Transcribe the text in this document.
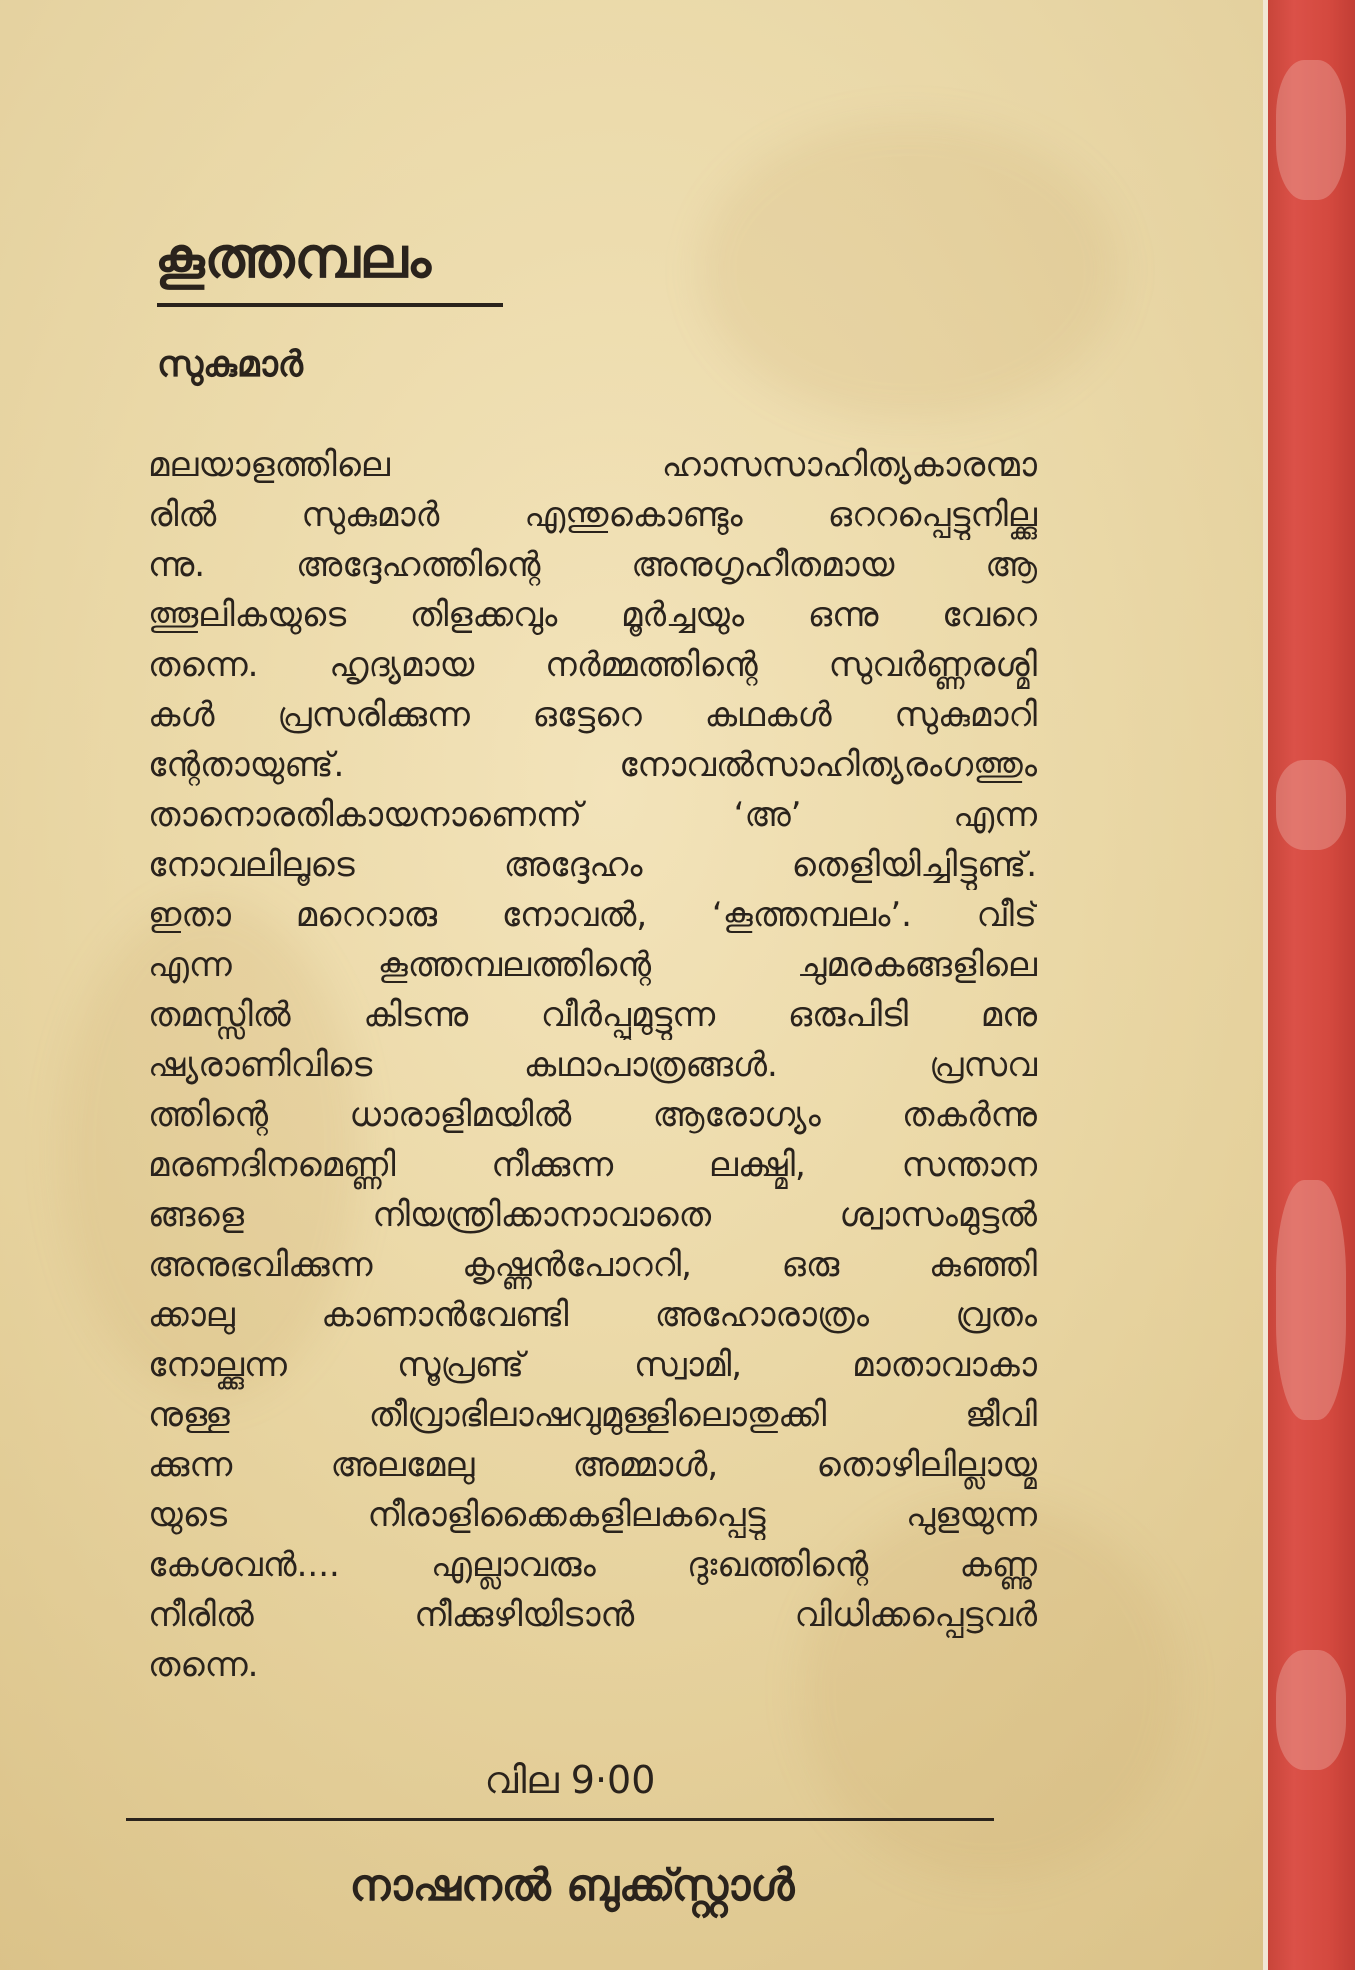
കൂത്തമ്പലം
സുകുമാർ
മലയാളത്തിലെ ഹാസസാഹിത്യകാരന്മാ
രിൽ സുകുമാർ എന്തുകൊണ്ടും ഒററപ്പെട്ടുനില്ക്കു
ന്നു. അദ്ദേഹത്തിന്റെ അനുഗൃഹീതമായ ആ
ത്തൂലികയുടെ തിളക്കവും മൂർച്ചയും ഒന്നു വേറെ
തന്നെ. ഹൃദ്യമായ നർമ്മത്തിന്റെ സുവർണ്ണരശ്മി
കൾ പ്രസരിക്കുന്ന ഒട്ടേറെ കഥകൾ സുകുമാറി
ന്റേതായുണ്ട്. നോവൽസാഹിത്യരംഗത്തും
താനൊരതികായനാണെന്ന് ‘അ’ എന്ന
നോവലിലൂടെ അദ്ദേഹം തെളിയിച്ചിട്ടുണ്ട്.
ഇതാ മറെറാരു നോവൽ, ‘കൂത്തമ്പലം’. വീട്
എന്ന കൂത്തമ്പലത്തിന്റെ ചുമരകങ്ങളിലെ
തമസ്സിൽ കിടന്നു വീർപ്പുമുട്ടുന്ന ഒരുപിടി മനു
ഷ്യരാണിവിടെ കഥാപാത്രങ്ങൾ. പ്രസവ
ത്തിന്റെ ധാരാളിമയിൽ ആരോഗ്യം തകർന്നു
മരണദിനമെണ്ണി നീക്കുന്ന ലക്ഷ്മി, സന്താന
ങ്ങളെ നിയന്ത്രിക്കാനാവാതെ ശ്വാസംമുട്ടൽ
അനുഭവിക്കുന്ന കൃഷ്ണൻപോററി, ഒരു കുഞ്ഞി
ക്കാലു കാണാൻവേണ്ടി അഹോരാത്രം വ്രതം
നോല്ക്കുന്ന സൂപ്രണ്ട് സ്വാമി, മാതാവാകാ
നുള്ള തീവ്രാഭിലാഷവുമുള്ളിലൊതുക്കി ജീവി
ക്കുന്ന അലമേലു അമ്മാൾ, തൊഴിലില്ലായ്മ
യുടെ നീരാളിക്കൈകളിലകപ്പെട്ടു പുളയുന്ന
കേശവൻ.... എല്ലാവരും ദുഃഖത്തിന്റെ കണ്ണു
നീരിൽ നീക്കുഴിയിടാൻ വിധിക്കപ്പെട്ടവർ
തന്നെ.
വില 9·00
നാഷനൽ ബുക്ക്സ്റ്റാൾ
